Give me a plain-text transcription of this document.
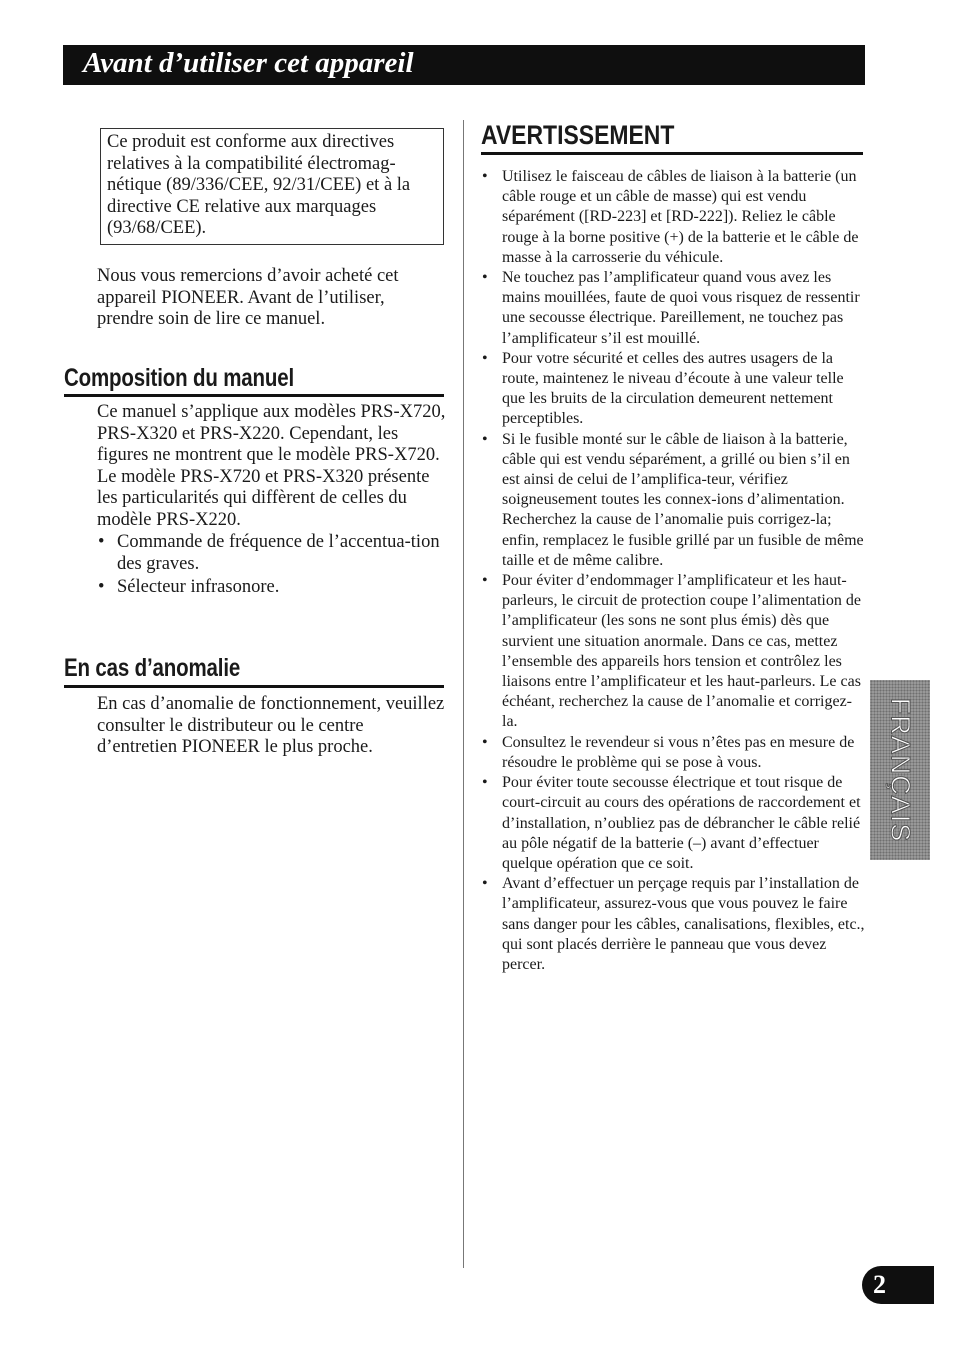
Avant d’utiliser cet appareil
Ce produit est conforme aux directives relatives à la compatibilité électromag-nétique (89/336/CEE, 92/31/CEE) et à la directive CE relative aux marquages (93/68/CEE).
Nous vous remercions d’avoir acheté cet appareil PIONEER. Avant de l’utiliser, prendre soin de lire ce manuel.
Composition du manuel

Ce manuel s’applique aux modèles PRS-X720, PRS-X320 et PRS-X220. Cependant, les figures ne montrent que le modèle PRS-X720.

Le modèle PRS-X720 et PRS-X320 présente les particularités qui diffèrent de celles du modèle PRS-X220.

• Commande de fréquence de l’accentua-tion des graves.
• Sélecteur infrasonore.
En cas d’anomalie

En cas d’anomalie de fonctionnement, veuillez consulter le distributeur ou le centre d’entretien PIONEER le plus proche.

AVERTISSEMENT
• Utilisez le faisceau de câbles de liaison à la batterie (un câble rouge et un câble de masse) qui est vendu séparément ([RD-223] et [RD-222]). Reliez le câble rouge à la borne positive (+) de la batterie et le câble de masse à la carrosserie du véhicule.
• Ne touchez pas l’amplificateur quand vous avez les mains mouillées, faute de quoi vous risquez de ressentir une secousse électrique. Pareillement, ne touchez pas l’amplificateur s’il est mouillé.
• Pour votre sécurité et celles des autres usagers de la route, maintenez le niveau d’écoute à une valeur telle que les bruits de la circulation demeurent nettement perceptibles.
• Si le fusible monté sur le câble de liaison à la batterie, câble qui est vendu séparément, a grillé ou bien s’il en est ainsi de celui de l’amplifica-teur, vérifiez soigneusement toutes les connex-ions d’alimentation. Recherchez la cause de l’anomalie puis corrigez-la; enfin, remplacez le fusible grillé par un fusible de même taille et de même calibre.
• Pour éviter d’endommager l’amplificateur et les haut-parleurs, le circuit de protection coupe l’alimentation de l’amplificateur (les sons ne sont plus émis) dès que survient une situation anormale. Dans ce cas, mettez l’ensemble des appareils hors tension et contrôlez les liaisons entre l’amplificateur et les haut-parleurs. Le cas échéant, recherchez la cause de l’anomalie et corrigez-la.
• Consultez le revendeur si vous n’êtes pas en mesure de résoudre le problème qui se pose à vous.
• Pour éviter toute secousse électrique et tout risque de court-circuit au cours des opérations de raccordement et d’installation, n’oubliez pas de débrancher le câble relié au pôle négatif de la batterie (–) avant d’effectuer quelque opération que ce soit.
• Avant d’effectuer un perçage requis par l’installation de l’amplificateur, assurez-vous que vous pouvez le faire sans danger pour les câbles, canalisations, flexibles, etc., qui sont placés derrière le panneau que vous devez percer.
FRANÇAIS
2
